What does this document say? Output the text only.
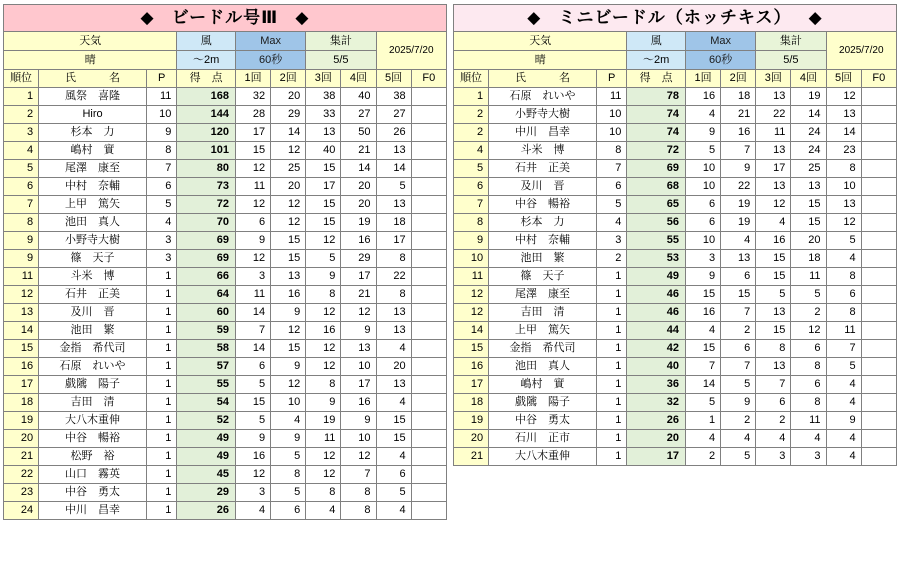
◆ ビードル号Ⅲ ◆									
天気			風	Max		集計		2025/7/20	
晴			〜2m	60秒		5/5			
順位	氏　　　名	P	得　点	1回	2回	3回	4回	5回	F0
1	風祭　喜隆	11	168	32	20	38	40	38	
2	Hiro	10	144	28	29	33	27	27	
3	杉本　力	9	120	17	14	13	50	26	
4	嶋村　實	8	101	15	12	40	21	13	
5	尾澤　康至	7	80	12	25	15	14	14	
6	中村　奈輔	6	73	11	20	17	20	5	
7	上甲　篤矢	5	72	12	12	15	20	13	
8	池田　真人	4	70	6	12	15	19	18	
9	小野寺大樹	3	69	9	15	12	16	17	
9	篠　天子	3	69	12	15	5	29	8	
11	斗米　博	1	66	3	13	9	17	22	
12	石井　正美	1	64	11	16	8	21	8	
13	及川　晋	1	60	14	9	12	12	13	
14	池田　繁	1	59	7	12	16	9	13	
15	金指　希代司	1	58	14	15	12	13	4	
16	石原　れいや	1	57	6	9	12	10	20	
17	戲隲　陽子	1	55	5	12	8	17	13	
18	吉田　清	1	54	15	10	9	16	4	
19	大八木重伸	1	52	5	4	19	9	15	
20	中谷　暢裕	1	49	9	9	11	10	15	
21	松野　裕	1	49	16	5	12	12	4	
22	山口　霧英	1	45	12	8	12	7	6	
23	中谷　勇太	1	29	3	5	8	8	5	
24	中川　昌幸	1	26	4	6	4	8	4	
◆ ミニビードル（ホッチキス） ◆									
天気			風	Max		集計		2025/7/20	
晴			〜2m	60秒		5/5			
順位	氏　　　名	P	得　点	1回	2回	3回	4回	5回	F0
1	石原　れいや	11	78	16	18	13	19	12	
2	小野寺大樹	10	74	4	21	22	14	13	
2	中川　昌幸	10	74	9	16	11	24	14	
4	斗米　博	8	72	5	7	13	24	23	
5	石井　正美	7	69	10	9	17	25	8	
6	及川　晋	6	68	10	22	13	13	10	
7	中谷　暢裕	5	65	6	19	12	15	13	
8	杉本　力	4	56	6	19	4	15	12	
9	中村　奈輔	3	55	10	4	16	20	5	
10	池田　繁	2	53	3	13	15	18	4	
11	篠　天子	1	49	9	6	15	11	8	
12	尾澤　康至	1	46	15	15	5	5	6	
12	吉田　清	1	46	16	7	13	2	8	
14	上甲　篤矢	1	44	4	2	15	12	11	
15	金指　希代司	1	42	15	6	8	6	7	
16	池田　真人	1	40	7	7	13	8	5	
17	嶋村　實	1	36	14	5	7	6	4	
18	戲隲　陽子	1	32	5	9	6	8	4	
19	中谷　勇太	1	26	1	2	2	11	9	
20	石川　正市	1	20	4	4	4	4	4	
21	大八木重伸	1	17	2	5	3	3	4	
